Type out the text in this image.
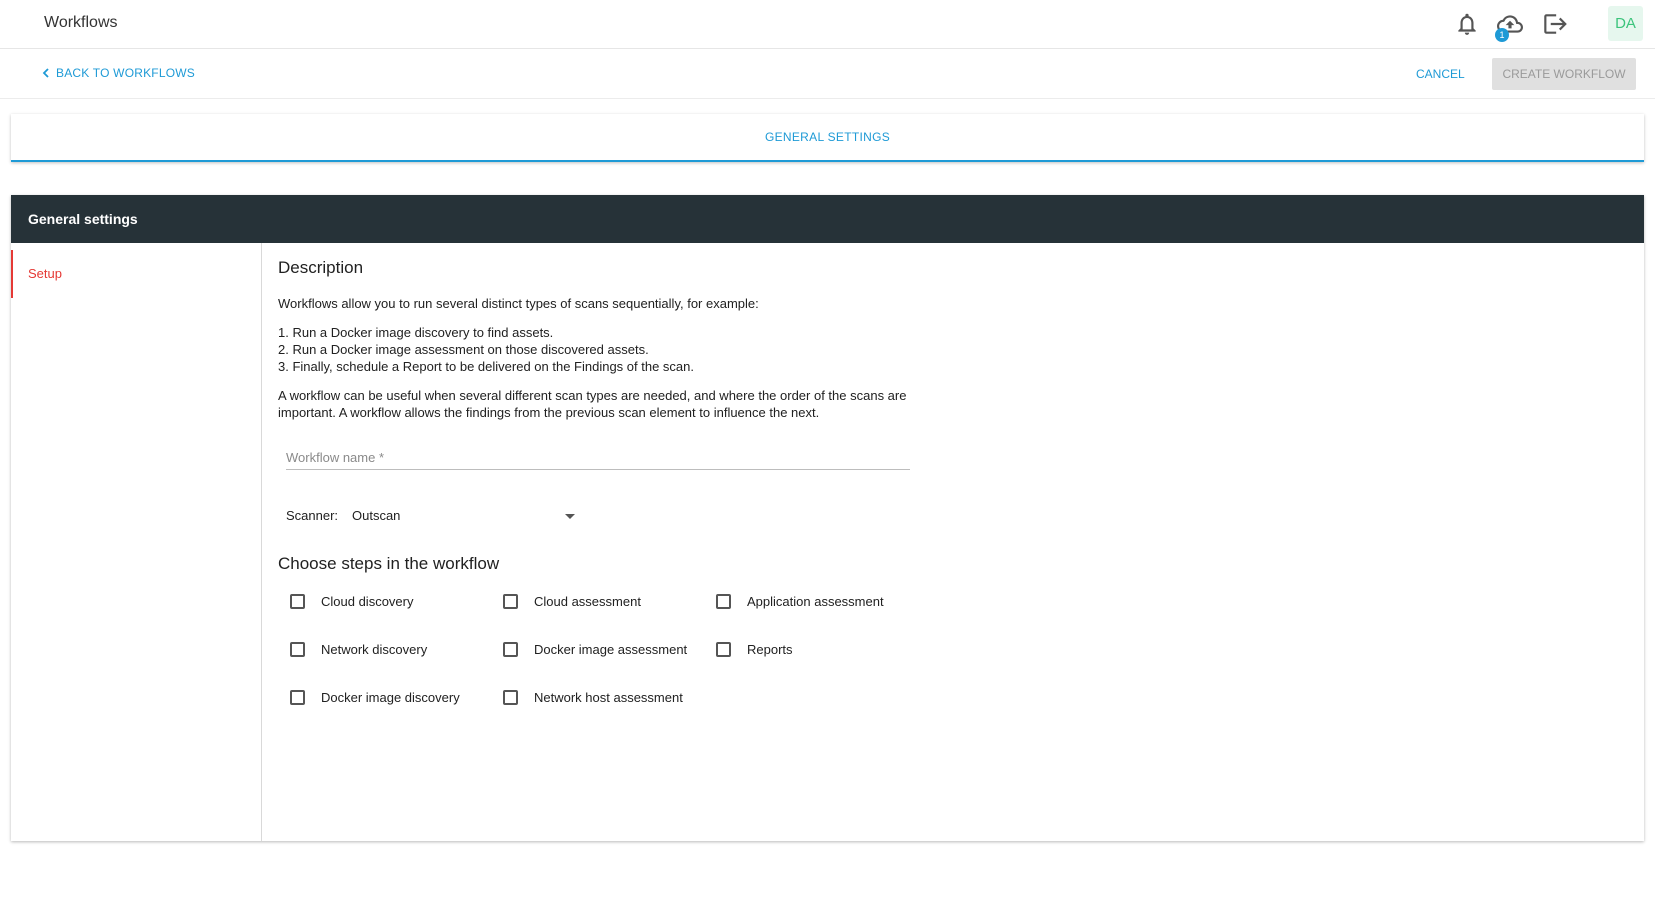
Workflows
1
DA
BACK TO WORKFLOWS	CANCEL	CREATE WORKFLOW
GENERAL SETTINGS
General settings
Setup	Description
Workflows allow you to run several distinct types of scans sequentially, for example:
1. Run a Docker image discovery to find assets.
2. Run a Docker image assessment on those discovered assets.
3. Finally, schedule a Report to be delivered on the Findings of the scan.
A workflow can be useful when several different scan types are needed, and where the order of the scans are important. A workflow allows the findings from the previous scan element to influence the next.
Workflow name *
Scanner: Outscan
Choose steps in the workflow
Cloud discovery	Cloud assessment	Application assessment
Network discovery	Docker image assessment	Reports
Docker image discovery	Network host assessment
